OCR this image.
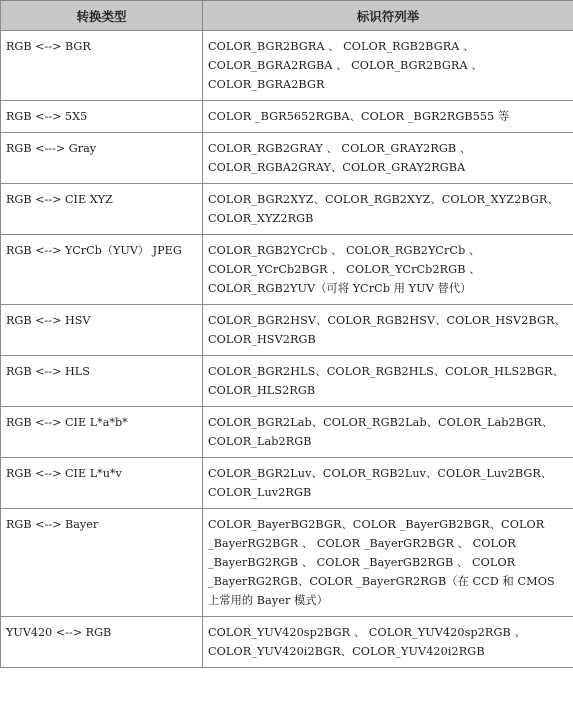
转换类型	标识符列举
RGB <--> BGR	COLOR_BGR2BGRA 、 COLOR_RGB2BGRA 、
COLOR_BGRA2RGBA 、 COLOR_BGR2BGRA 、
COLOR_BGRA2BGR

RGB <--> 5X5	COLOR _BGR5652RGBA、COLOR _BGR2RGB555 等

RGB <---> Gray	COLOR_RGB2GRAY 、 COLOR_GRAY2RGB 、
COLOR_RGBA2GRAY、COLOR_GRAY2RGBA

RGB <--> CIE XYZ	COLOR_BGR2XYZ、COLOR_RGB2XYZ、COLOR_XYZ2BGR、
COLOR_XYZ2RGB

RGB <--> YCrCb（YUV） JPEG	COLOR_RGB2YCrCb 、 COLOR_RGB2YCrCb 、
COLOR_YCrCb2BGR 、 COLOR_YCrCb2RGB 、
COLOR_RGB2YUV（可将 YCrCb 用 YUV 替代）

RGB <--> HSV	COLOR_BGR2HSV、COLOR_RGB2HSV、COLOR_HSV2BGR、
COLOR_HSV2RGB

RGB <--> HLS	COLOR_BGR2HLS、COLOR_RGB2HLS、COLOR_HLS2BGR、
COLOR_HLS2RGB

RGB <--> CIE L*a*b*	COLOR_BGR2Lab、COLOR_RGB2Lab、COLOR_Lab2BGR、
COLOR_Lab2RGB

RGB <--> CIE L*u*v	COLOR_BGR2Luv、COLOR_RGB2Luv、COLOR_Luv2BGR、
COLOR_Luv2RGB

RGB <--> Bayer	COLOR_BayerBG2BGR、COLOR _BayerGB2BGR、COLOR
_BayerRG2BGR 、 COLOR _BayerGR2BGR 、 COLOR
_BayerBG2RGB 、 COLOR _BayerGB2RGB 、 COLOR
_BayerRG2RGB、COLOR _BayerGR2RGB（在 CCD 和 CMOS
上常用的 Bayer 模式）

YUV420 <--> RGB	COLOR_YUV420sp2BGR 、 COLOR_YUV420sp2RGB 、
COLOR_YUV420i2BGR、COLOR_YUV420i2RGB
